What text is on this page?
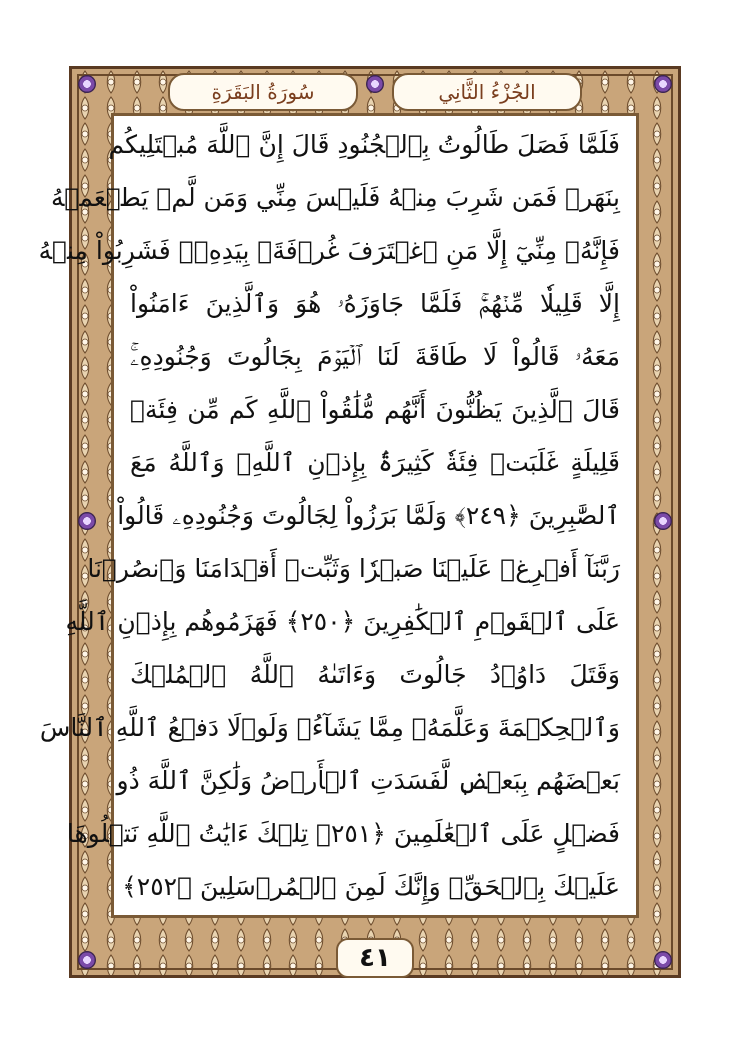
الجُزْءُ الثَّانِي
سُورَةُ البَقَرَةِ
فَلَمَّا فَصَلَ طَالُوتُ بِٱلۡجُنُودِ قَالَ إِنَّ ٱللَّهَ مُبۡتَلِيكُم
بِنَهَرٖ فَمَن شَرِبَ مِنۡهُ فَلَيۡسَ مِنِّي وَمَن لَّمۡ يَطۡعَمۡهُ
فَإِنَّهُۥ مِنِّيٓ إِلَّا مَنِ ٱغۡتَرَفَ غُرۡفَةَۢ بِيَدِهِۦۚ فَشَرِبُواْ مِنۡهُ
إِلَّا قَلِيلٗا مِّنۡهُمۡۚ فَلَمَّا جَاوَزَهُۥ هُوَ وَٱلَّذِينَ ءَامَنُواْ
مَعَهُۥ قَالُواْ لَا طَاقَةَ لَنَا ٱلۡيَوۡمَ بِجَالُوتَ وَجُنُودِهِۦۚ
قَالَ ٱلَّذِينَ يَظُنُّونَ أَنَّهُم مُّلَٰقُواْ ٱللَّهِ كَم مِّن فِئَةٖ
قَلِيلَةٍ غَلَبَتۡ فِئَةٗ كَثِيرَةَۢ بِإِذۡنِ ٱللَّهِۗ وَٱللَّهُ مَعَ
ٱلصَّٰبِرِينَ ﴿٢٤٩﴾ وَلَمَّا بَرَزُواْ لِجَالُوتَ وَجُنُودِهِۦ قَالُواْ
رَبَّنَآ أَفۡرِغۡ عَلَيۡنَا صَبۡرٗا وَثَبِّتۡ أَقۡدَامَنَا وَٱنصُرۡنَا
عَلَى ٱلۡقَوۡمِ ٱلۡكَٰفِرِينَ ﴿٢٥٠﴾ فَهَزَمُوهُم بِإِذۡنِ ٱللَّهِ
وَقَتَلَ دَاوُۥدُ جَالُوتَ وَءَاتَىٰهُ ٱللَّهُ ٱلۡمُلۡكَ
وَٱلۡحِكۡمَةَ وَعَلَّمَهُۥ مِمَّا يَشَآءُۗ وَلَوۡلَا دَفۡعُ ٱللَّهِ ٱلنَّاسَ
بَعۡضَهُم بِبَعۡضٖ لَّفَسَدَتِ ٱلۡأَرۡضُ وَلَٰكِنَّ ٱللَّهَ ذُو
فَضۡلٍ عَلَى ٱلۡعَٰلَمِينَ ﴿٢٥١﴾ تِلۡكَ ءَايَٰتُ ٱللَّهِ نَتۡلُوهَا
عَلَيۡكَ بِٱلۡحَقِّۚ وَإِنَّكَ لَمِنَ ٱلۡمُرۡسَلِينَ ﴿٢٥٢﴾
٤١
